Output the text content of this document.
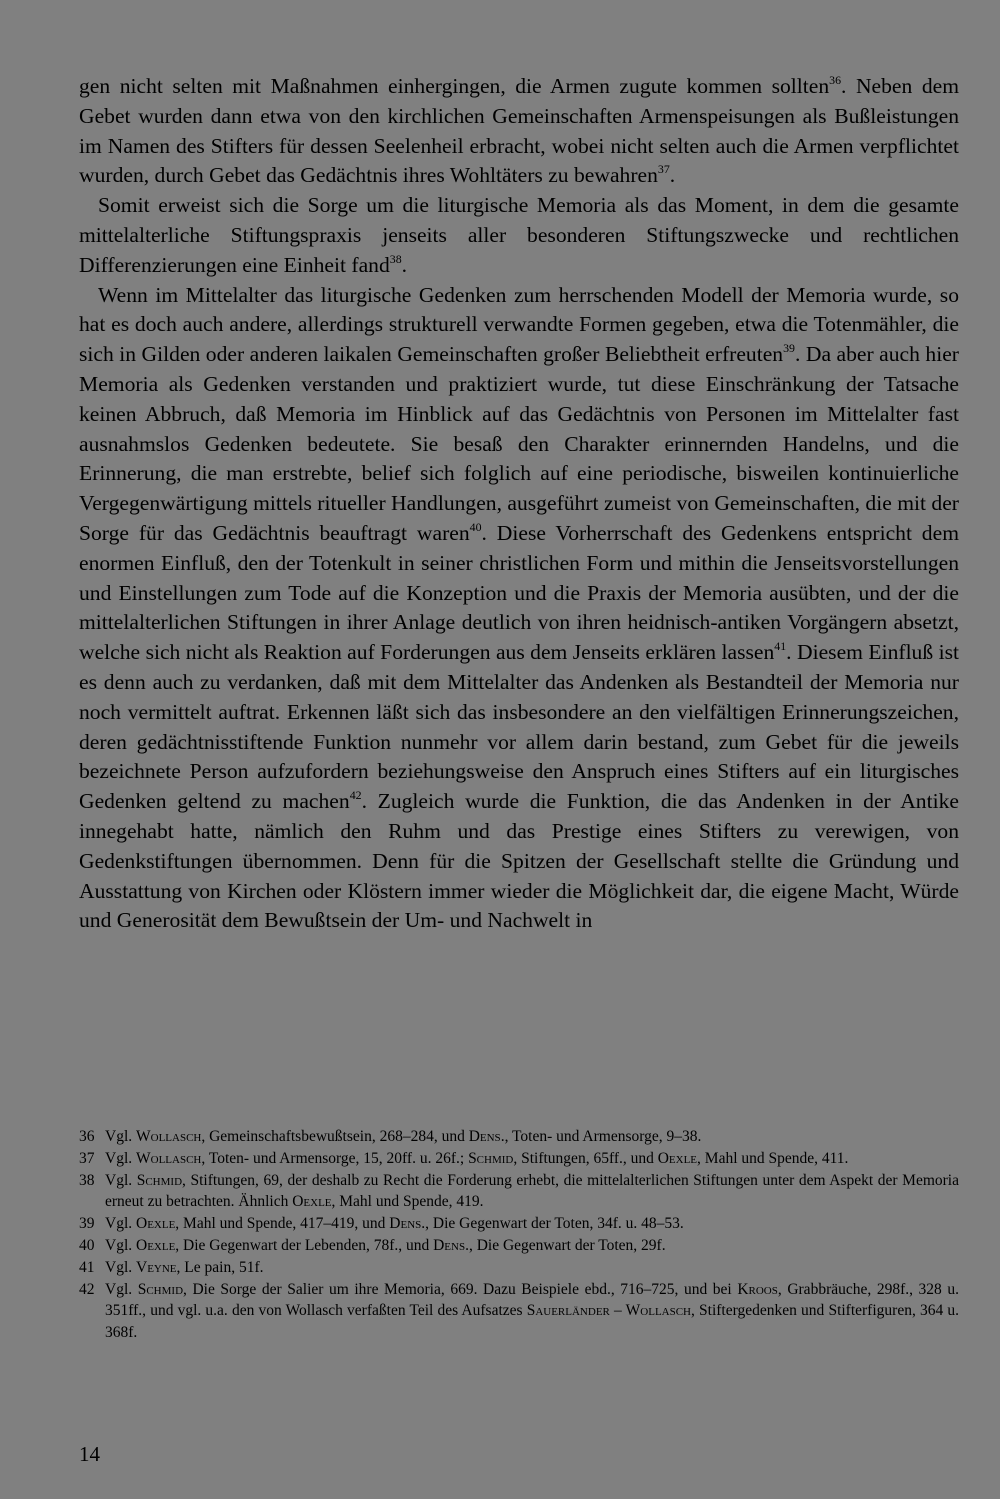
gen nicht selten mit Maßnahmen einhergingen, die Armen zugute kommen sollten$^{36}$. Neben dem Gebet wurden dann etwa von den kirchlichen Gemeinschaften Armenspeisungen als Bußleistungen im Namen des Stifters für dessen Seelenheil erbracht, wobei nicht selten auch die Armen verpflichtet wurden, durch Gebet das Gedächtnis ihres Wohltäters zu bewahren$^{37}$.

Somit erweist sich die Sorge um die liturgische Memoria als das Moment, in dem die gesamte mittelalterliche Stiftungspraxis jenseits aller besonderen Stiftungszwecke und rechtlichen Differenzierungen eine Einheit fand$^{38}$.

Wenn im Mittelalter das liturgische Gedenken zum herrschenden Modell der Memoria wurde, so hat es doch auch andere, allerdings strukturell verwandte Formen gegeben, etwa die Totenmähler, die sich in Gilden oder anderen laikalen Gemeinschaften großer Beliebtheit erfreuten$^{39}$. Da aber auch hier Memoria als Gedenken verstanden und praktiziert wurde, tut diese Einschränkung der Tatsache keinen Abbruch, daß Memoria im Hinblick auf das Gedächtnis von Personen im Mittelalter fast ausnahmslos Gedenken bedeutete. Sie besaß den Charakter erinnernden Handelns, und die Erinnerung, die man erstrebte, belief sich folglich auf eine periodische, bisweilen kontinuierliche Vergegenwärtigung mittels ritueller Handlungen, ausgeführt zumeist von Gemeinschaften, die mit der Sorge für das Gedächtnis beauftragt waren$^{40}$. Diese Vorherrschaft des Gedenkens entspricht dem enormen Einfluß, den der Totenkult in seiner christlichen Form und mithin die Jenseitsvorstellungen und Einstellungen zum Tode auf die Konzeption und die Praxis der Memoria ausübten, und der die mittelalterlichen Stiftungen in ihrer Anlage deutlich von ihren heidnisch-antiken Vorgängern absetzt, welche sich nicht als Reaktion auf Forderungen aus dem Jenseits erklären lassen$^{41}$. Diesem Einfluß ist es denn auch zu verdanken, daß mit dem Mittelalter das Andenken als Bestandteil der Memoria nur noch vermittelt auftrat. Erkennen läßt sich das insbesondere an den vielfältigen Erinnerungszeichen, deren gedächtnisstiftende Funktion nunmehr vor allem darin bestand, zum Gebet für die jeweils bezeichnete Person aufzufordern beziehungsweise den Anspruch eines Stifters auf ein liturgisches Gedenken geltend zu machen$^{42}$. Zugleich wurde die Funktion, die das Andenken in der Antike innegehabt hatte, nämlich den Ruhm und das Prestige eines Stifters zu verewigen, von Gedenkstiftungen übernommen. Denn für die Spitzen der Gesellschaft stellte die Gründung und Ausstattung von Kirchen oder Klöstern immer wieder die Möglichkeit dar, die eigene Macht, Würde und Generosität dem Bewußtsein der Um- und Nachwelt in

36 Vgl. Wollasch, Gemeinschaftsbewußtsein, 268–284, und Dens., Toten- und Armensorge, 9–38.
37 Vgl. Wollasch, Toten- und Armensorge, 15, 20ff. u. 26f.; Schmid, Stiftungen, 65ff., und Oexle, Mahl und Spende, 411.
38 Vgl. Schmid, Stiftungen, 69, der deshalb zu Recht die Forderung erhebt, die mittelalterlichen Stiftungen unter dem Aspekt der Memoria erneut zu betrachten. Ähnlich Oexle, Mahl und Spende, 419.
39 Vgl. Oexle, Mahl und Spende, 417–419, und Dens., Die Gegenwart der Toten, 34f. u. 48–53.
40 Vgl. Oexle, Die Gegenwart der Lebenden, 78f., und Dens., Die Gegenwart der Toten, 29f.
41 Vgl. Veyne, Le pain, 51f.
42 Vgl. Schmid, Die Sorge der Salier um ihre Memoria, 669. Dazu Beispiele ebd., 716–725, und bei Kroos, Grabbräuche, 298f., 328 u. 351ff., und vgl. u.a. den von Wollasch verfaßten Teil des Aufsatzes Sauerländer – Wollasch, Stiftergedenken und Stifterfiguren, 364 u. 368f.
14
